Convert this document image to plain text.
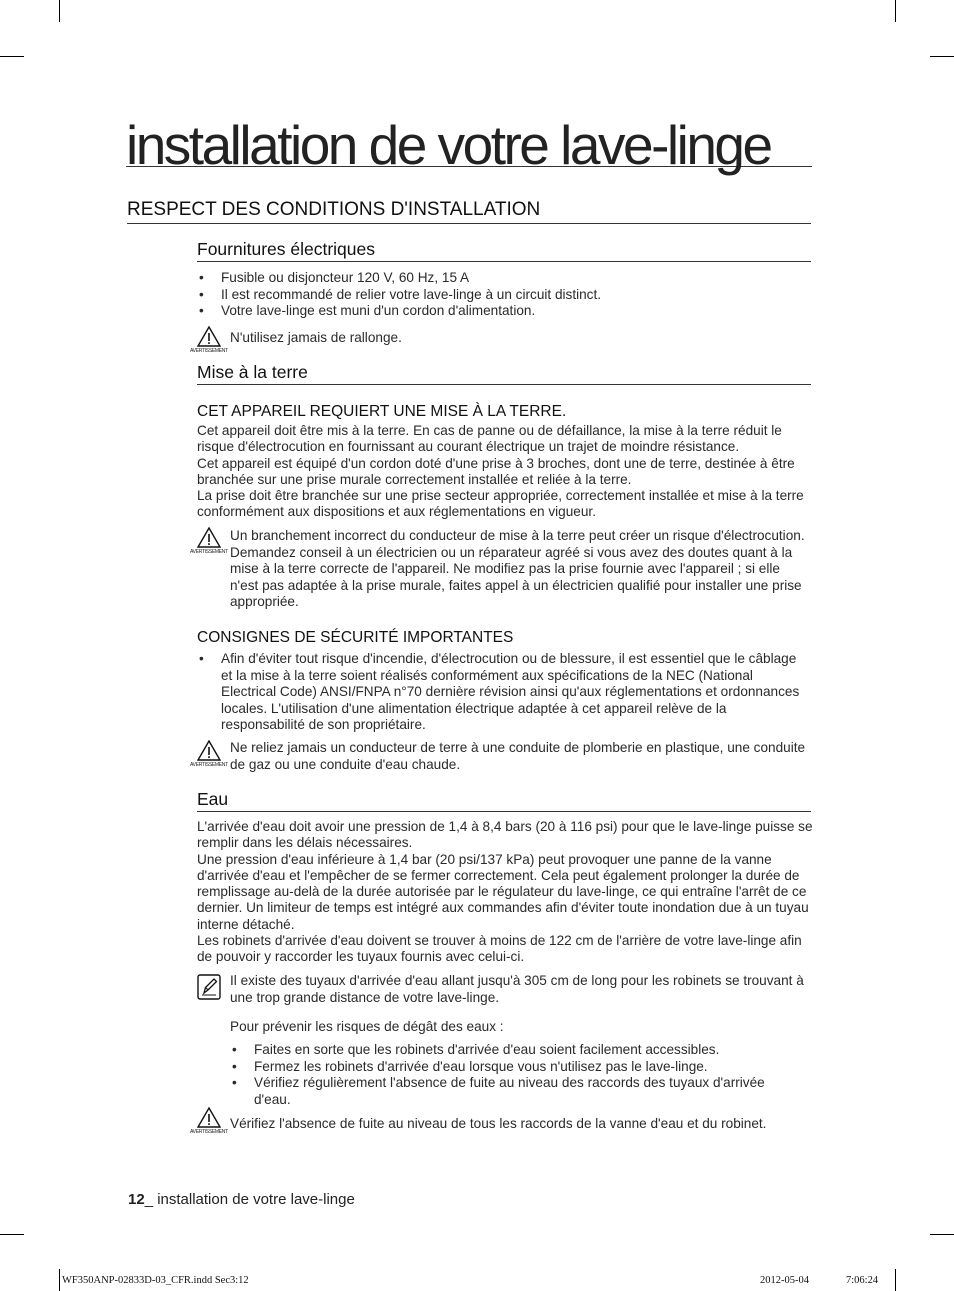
installation de votre lave-linge
RESPECT DES CONDITIONS D'INSTALLATION
Fournitures électriques
• Fusible ou disjoncteur 120 V, 60 Hz, 15 A
• Il est recommandé de relier votre lave-linge à un circuit distinct.
• Votre lave-linge est muni d'un cordon d'alimentation.
AVERTISSEMENT
N'utilisez jamais de rallonge.
Mise à la terre
CET APPAREIL REQUIERT UNE MISE À LA TERRE.
Cet appareil doit être mis à la terre. En cas de panne ou de défaillance, la mise à la terre réduit le risque d'électrocution en fournissant au courant électrique un trajet de moindre résistance.
Cet appareil est équipé d'un cordon doté d'une prise à 3 broches, dont une de terre, destinée à être branchée sur une prise murale correctement installée et reliée à la terre.
La prise doit être branchée sur une prise secteur appropriée, correctement installée et mise à la terre conformément aux dispositions et aux réglementations en vigueur.
AVERTISSEMENT
Un branchement incorrect du conducteur de mise à la terre peut créer un risque d'électrocution. Demandez conseil à un électricien ou un réparateur agréé si vous avez des doutes quant à la mise à la terre correcte de l'appareil. Ne modifiez pas la prise fournie avec l'appareil ; si elle n'est pas adaptée à la prise murale, faites appel à un électricien qualifié pour installer une prise appropriée.
CONSIGNES DE SÉCURITÉ IMPORTANTES
• Afin d'éviter tout risque d'incendie, d'électrocution ou de blessure, il est essentiel que le câblage et la mise à la terre soient réalisés conformément aux spécifications de la NEC (National Electrical Code) ANSI/FNPA n°70 dernière révision ainsi qu'aux réglementations et ordonnances locales. L'utilisation d'une alimentation électrique adaptée à cet appareil relève de la responsabilité de son propriétaire.
AVERTISSEMENT
Ne reliez jamais un conducteur de terre à une conduite de plomberie en plastique, une conduite de gaz ou une conduite d'eau chaude.
Eau
L'arrivée d'eau doit avoir une pression de 1,4 à 8,4 bars (20 à 116 psi) pour que le lave-linge puisse se remplir dans les délais nécessaires.
Une pression d'eau inférieure à 1,4 bar (20 psi/137 kPa) peut provoquer une panne de la vanne d'arrivée d'eau et l'empêcher de se fermer correctement. Cela peut également prolonger la durée de remplissage au-delà de la durée autorisée par le régulateur du lave-linge, ce qui entraîne l'arrêt de ce dernier. Un limiteur de temps est intégré aux commandes afin d'éviter toute inondation due à un tuyau interne détaché.
Les robinets d'arrivée d'eau doivent se trouver à moins de 122 cm de l'arrière de votre lave-linge afin de pouvoir y raccorder les tuyaux fournis avec celui-ci.
Il existe des tuyaux d'arrivée d'eau allant jusqu'à 305 cm de long pour les robinets se trouvant à une trop grande distance de votre lave-linge.
Pour prévenir les risques de dégât des eaux :
• Faites en sorte que les robinets d'arrivée d'eau soient facilement accessibles.
• Fermez les robinets d'arrivée d'eau lorsque vous n'utilisez pas le lave-linge.
• Vérifiez régulièrement l'absence de fuite au niveau des raccords des tuyaux d'arrivée d'eau.
AVERTISSEMENT
Vérifiez l'absence de fuite au niveau de tous les raccords de la vanne d'eau et du robinet.
12_ installation de votre lave-linge
WF350ANP-02833D-03_CFR.indd Sec3:12	2012-05-04	7:06:24
